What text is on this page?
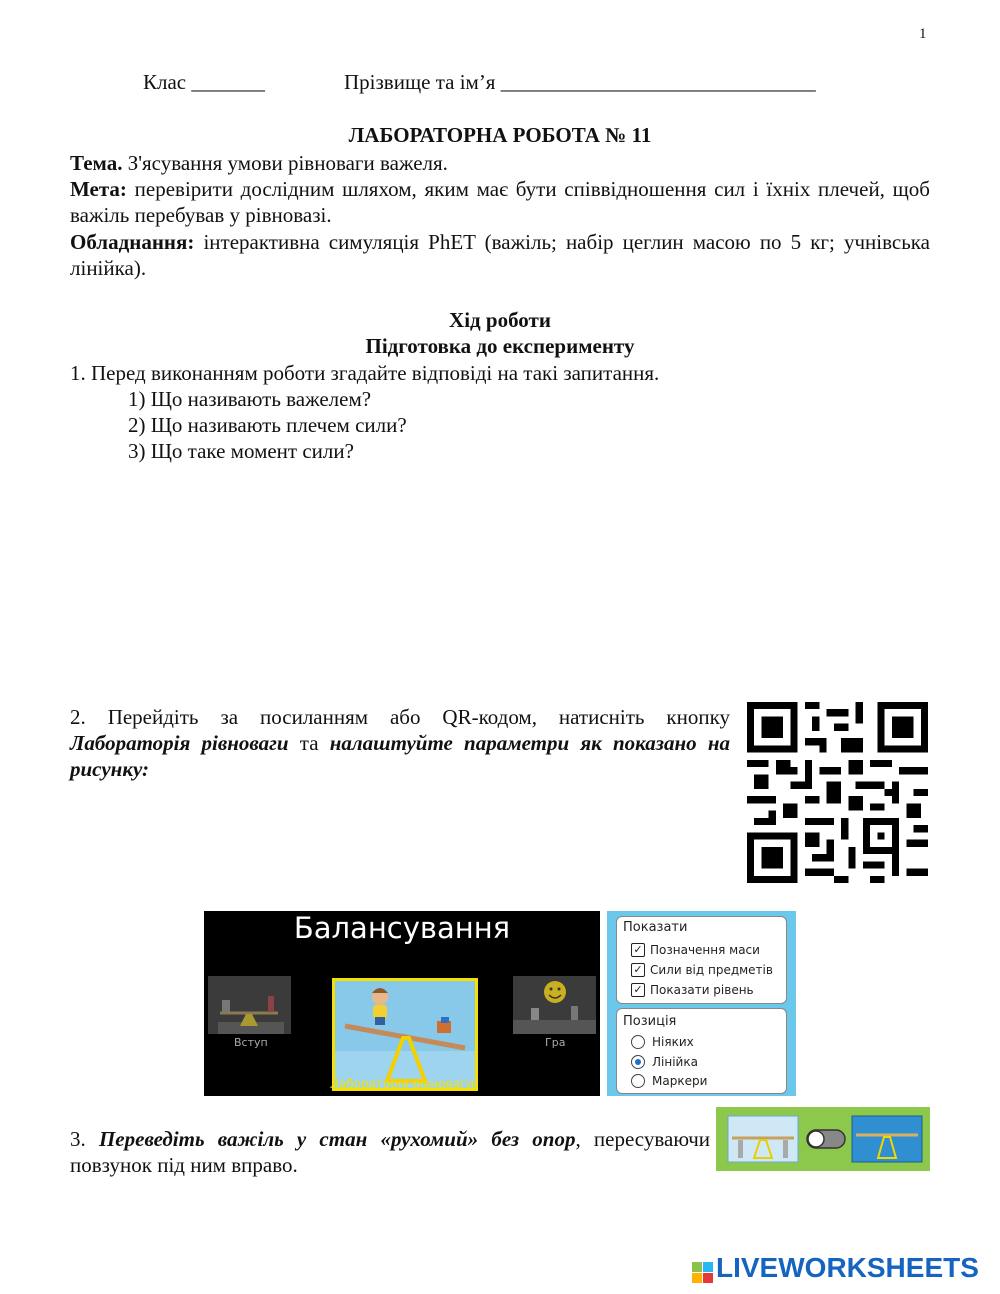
1
Клас _______	Прізвище та ім’я ______________________________
ЛАБОРАТОРНА РОБОТА № 11
Тема. З'ясування умови рівноваги важеля.
Мета: перевірити дослідним шляхом, яким має бути співвідношення сил і їхніх плечей, щоб важіль перебував у рівновазі.
Обладнання: інтерактивна симуляція PhET (важіль; набір цеглин масою по 5 кг; учнівська лінійка).
Хід роботи
Підготовка до експерименту
1. Перед виконанням роботи згадайте відповіді на такі запитання.
1) Що називають важелем?
2) Що називають плечем сили?
3) Що таке момент сили?
2. Перейдіть за посиланням або QR-кодом, натисніть кнопку Лабораторія рівноваги та налаштуйте параметри як показано на рисунку:
Балансування
Вступ
Лабораторія рівноваги
Гра
Показати
✓ Позначення маси
✓ Сили від предметів
✓ Показати рівень
Позиція
Ніяких
Лінійка
Маркери
3. Переведіть важіль у стан «рухомий» без опор, пересуваючи повзунок під ним вправо.
LIVEWORKSHEETS
